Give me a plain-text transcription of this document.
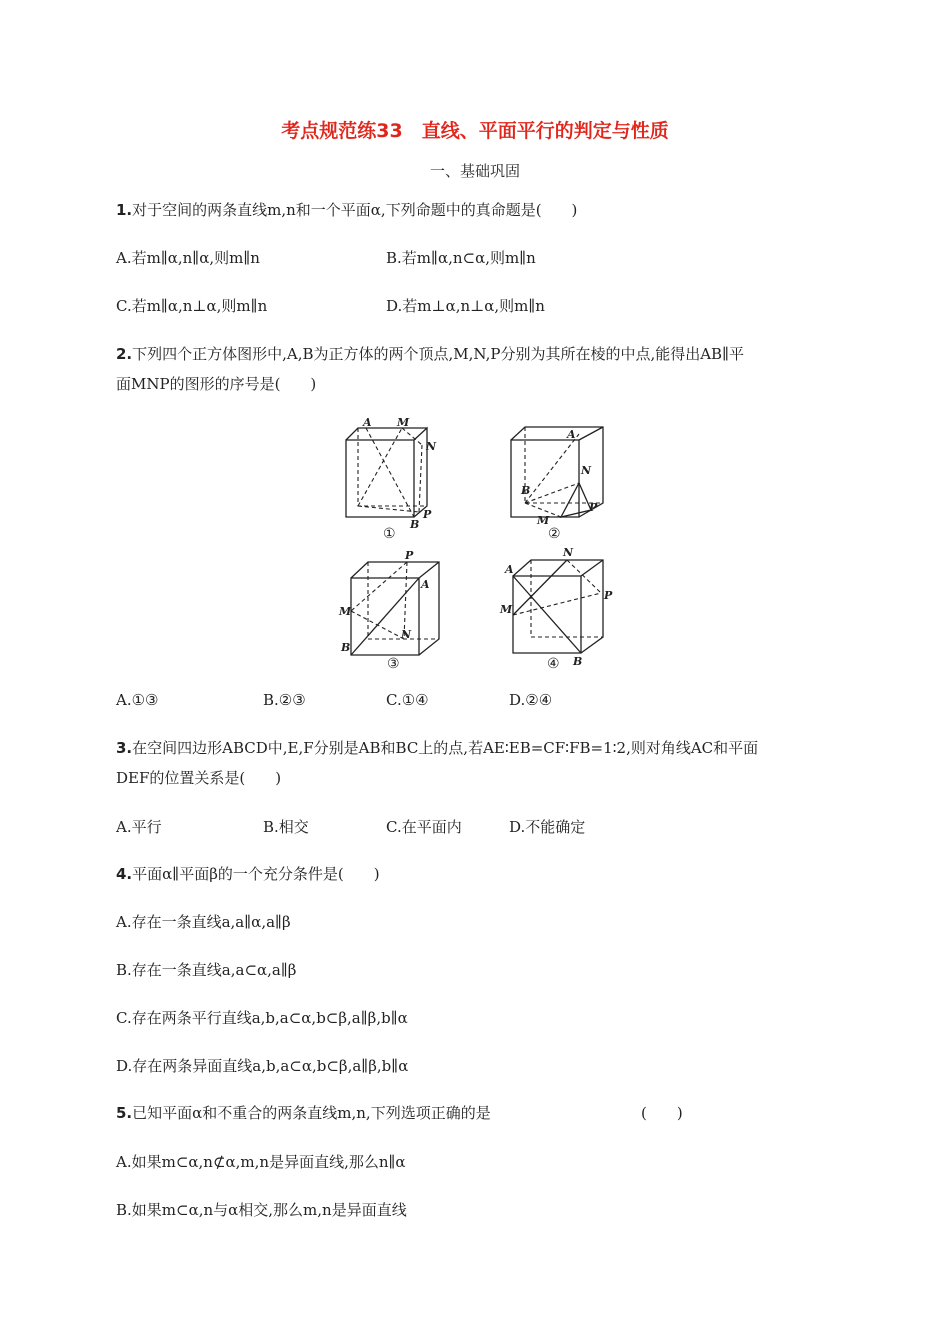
考点规范练33　直线、平面平行的判定与性质
一、基础巩固
1.对于空间的两条直线m,n和一个平面α,下列命题中的真命题是(　　)
A.若m∥α,n∥α,则m∥n	B.若m∥α,n⊂α,则m∥n
C.若m∥α,n⊥α,则m∥n	D.若m⊥α,n⊥α,则m∥n
2.下列四个正方体图形中,A,B为正方体的两个顶点,M,N,P分别为其所在棱的中点,能得出AB∥平
面MNP的图形的序号是(　　)
A M
N
B
P
①
A
N
B
M
P
②
P
A
M
N
B
③
A
N
M
P
B
④
A.①③	B.②③	C.①④	D.②④
3.在空间四边形ABCD中,E,F分别是AB和BC上的点,若AE∶EB=CF∶FB=1∶2,则对角线AC和平面
DEF的位置关系是(　　)
A.平行	B.相交	C.在平面内	D.不能确定
4.平面α∥平面β的一个充分条件是(　　)
A.存在一条直线a,a∥α,a∥β
B.存在一条直线a,a⊂α,a∥β
C.存在两条平行直线a,b,a⊂α,b⊂β,a∥β,b∥α
D.存在两条异面直线a,b,a⊂α,b⊂β,a∥β,b∥α
5.已知平面α和不重合的两条直线m,n,下列选项正确的是	(　　)
A.如果m⊂α,n⊄α,m,n是异面直线,那么n∥α
B.如果m⊂α,n与α相交,那么m,n是异面直线
